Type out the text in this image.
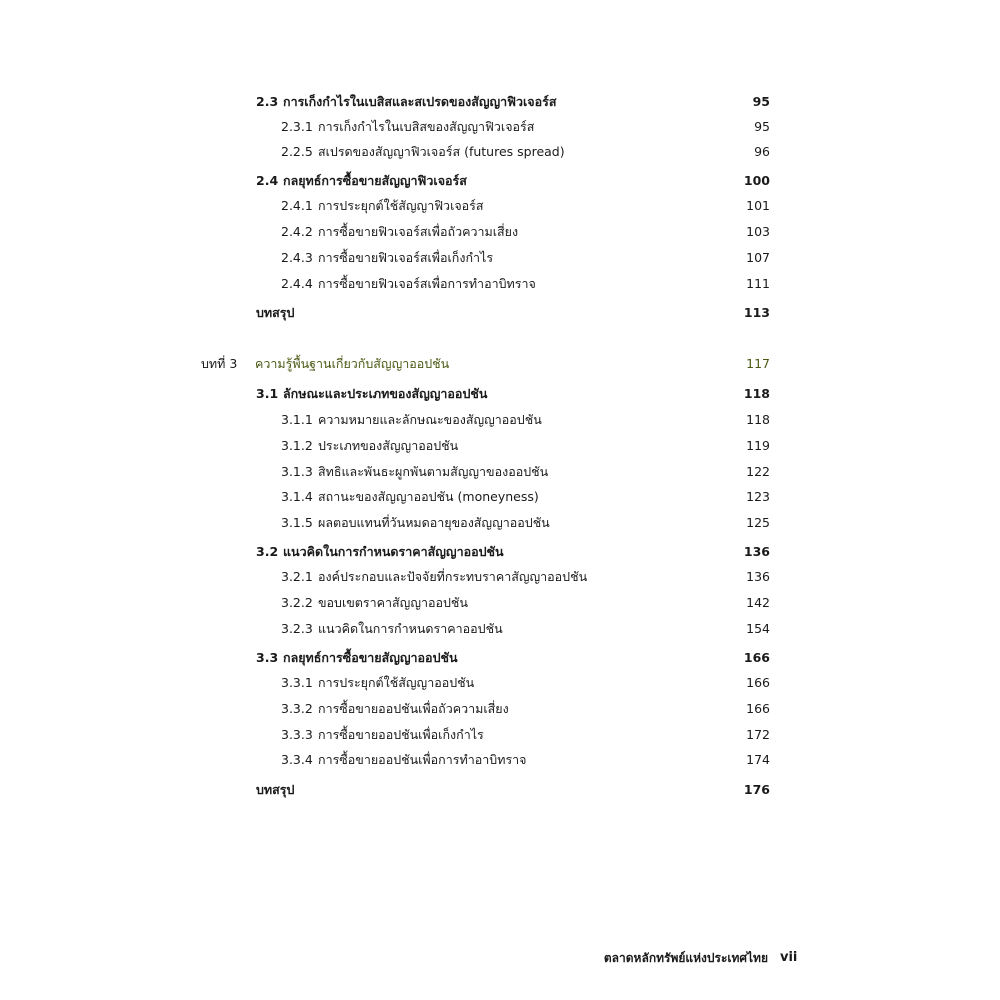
2.3 การเก็งกำไรในเบสิสและสเปรดของสัญญาฟิวเจอร์ส	95
2.3.1 การเก็งกำไรในเบสิสของสัญญาฟิวเจอร์ส	95
2.2.5 สเปรดของสัญญาฟิวเจอร์ส (futures spread)	96
2.4 กลยุทธ์การซื้อขายสัญญาฟิวเจอร์ส	100
2.4.1 การประยุกต์ใช้สัญญาฟิวเจอร์ส	101
2.4.2 การซื้อขายฟิวเจอร์สเพื่อถัวความเสี่ยง	103
2.4.3 การซื้อขายฟิวเจอร์สเพื่อเก็งกำไร	107
2.4.4 การซื้อขายฟิวเจอร์สเพื่อการทำอาบิทราจ	111
บทสรุป	113
บทที่ 3 ความรู้พื้นฐานเกี่ยวกับสัญญาออปชัน	117
3.1 ลักษณะและประเภทของสัญญาออปชัน	118
3.1.1 ความหมายและลักษณะของสัญญาออปชัน	118
3.1.2 ประเภทของสัญญาออปชัน	119
3.1.3 สิทธิและพันธะผูกพันตามสัญญาของออปชัน	122
3.1.4 สถานะของสัญญาออปชัน (moneyness)	123
3.1.5 ผลตอบแทนที่วันหมดอายุของสัญญาออปชัน	125
3.2 แนวคิดในการกำหนดราคาสัญญาออปชัน	136
3.2.1 องค์ประกอบและปัจจัยที่กระทบราคาสัญญาออปชัน	136
3.2.2 ขอบเขตราคาสัญญาออปชัน	142
3.2.3 แนวคิดในการกำหนดราคาออปชัน	154
3.3 กลยุทธ์การซื้อขายสัญญาออปชัน	166
3.3.1 การประยุกต์ใช้สัญญาออปชัน	166
3.3.2 การซื้อขายออปชันเพื่อถัวความเสี่ยง	166
3.3.3 การซื้อขายออปชันเพื่อเก็งกำไร	172
3.3.4 การซื้อขายออปชันเพื่อการทำอาบิทราจ	174
บทสรุป	176
ตลาดหลักทรัพย์แห่งประเทศไทย vii
